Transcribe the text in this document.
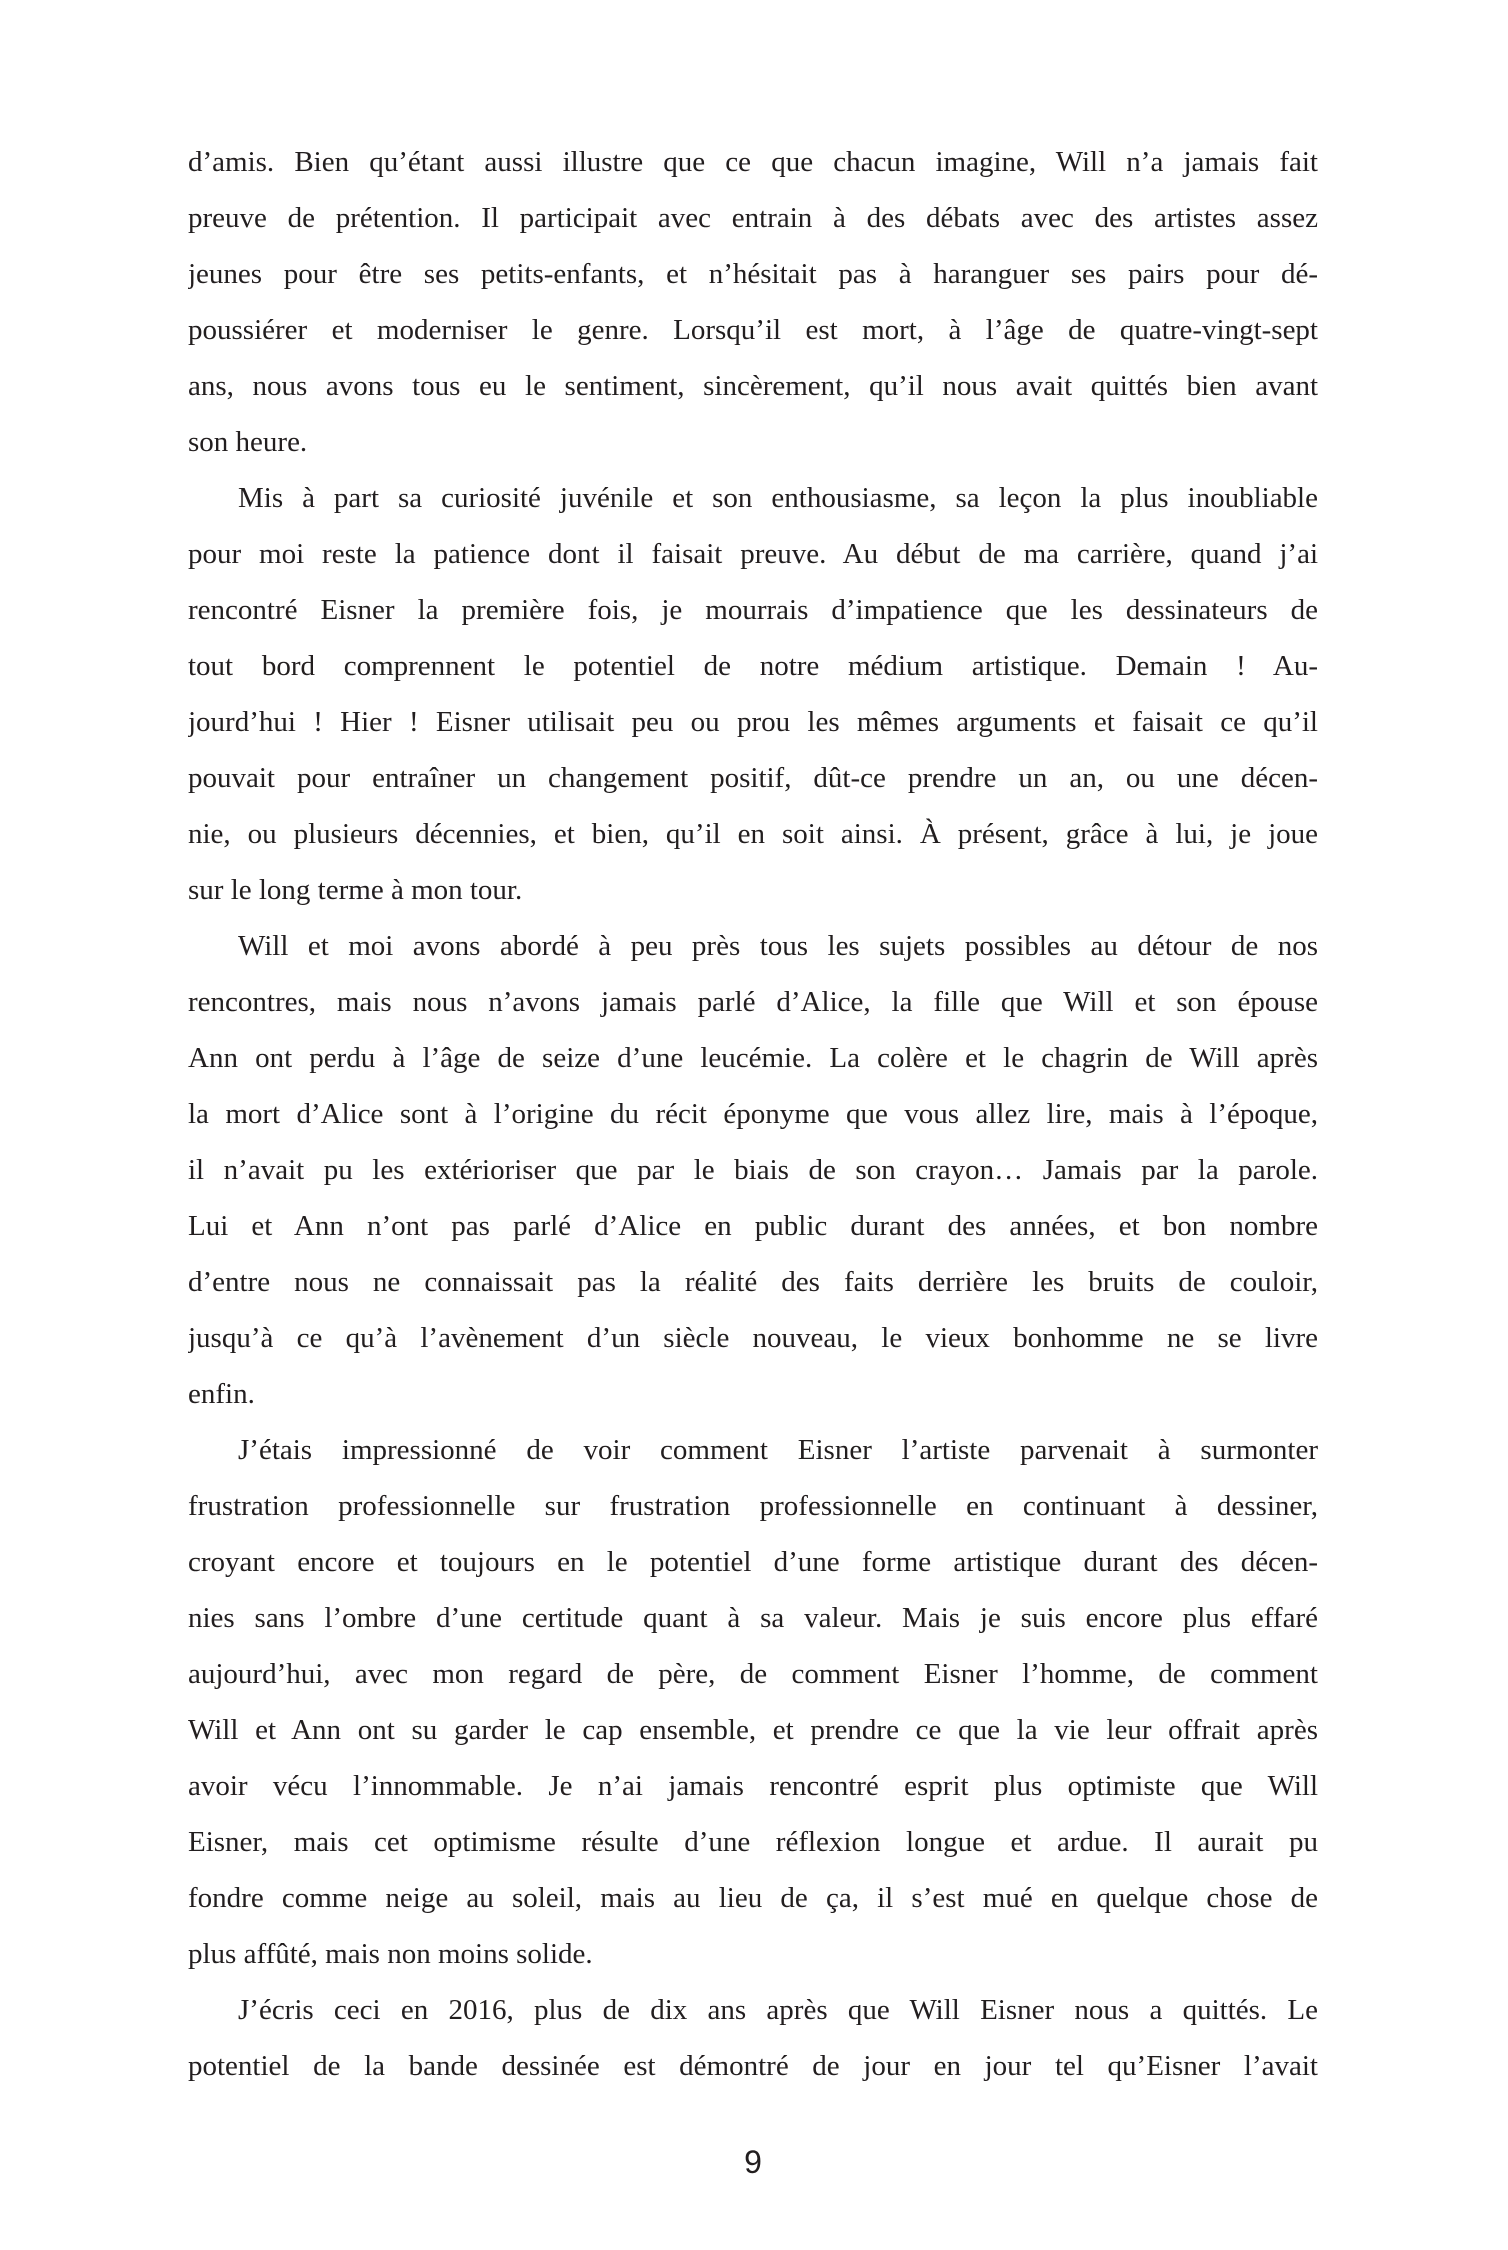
d’amis. Bien qu’étant aussi illustre que ce que chacun imagine, Will n’a jamais fait
preuve de prétention. Il participait avec entrain à des débats avec des artistes assez
jeunes pour être ses petits-enfants, et n’hésitait pas à haranguer ses pairs pour dé-
poussiérer et moderniser le genre. Lorsqu’il est mort, à l’âge de quatre-vingt-sept
ans, nous avons tous eu le sentiment, sincèrement, qu’il nous avait quittés bien avant
son heure.
Mis à part sa curiosité juvénile et son enthousiasme, sa leçon la plus inoubliable
pour moi reste la patience dont il faisait preuve. Au début de ma carrière, quand j’ai
rencontré Eisner la première fois, je mourrais d’impatience que les dessinateurs de
tout bord comprennent le potentiel de notre médium artistique. Demain ! Au-
jourd’hui ! Hier ! Eisner utilisait peu ou prou les mêmes arguments et faisait ce qu’il
pouvait pour entraîner un changement positif, dût-ce prendre un an, ou une décen-
nie, ou plusieurs décennies, et bien, qu’il en soit ainsi. À présent, grâce à lui, je joue
sur le long terme à mon tour.
Will et moi avons abordé à peu près tous les sujets possibles au détour de nos
rencontres, mais nous n’avons jamais parlé d’Alice, la fille que Will et son épouse
Ann ont perdu à l’âge de seize d’une leucémie. La colère et le chagrin de Will après
la mort d’Alice sont à l’origine du récit éponyme que vous allez lire, mais à l’époque,
il n’avait pu les extérioriser que par le biais de son crayon… Jamais par la parole.
Lui et Ann n’ont pas parlé d’Alice en public durant des années, et bon nombre
d’entre nous ne connaissait pas la réalité des faits derrière les bruits de couloir,
jusqu’à ce qu’à l’avènement d’un siècle nouveau, le vieux bonhomme ne se livre
enfin.
J’étais impressionné de voir comment Eisner l’artiste parvenait à surmonter
frustration professionnelle sur frustration professionnelle en continuant à dessiner,
croyant encore et toujours en le potentiel d’une forme artistique durant des décen-
nies sans l’ombre d’une certitude quant à sa valeur. Mais je suis encore plus effaré
aujourd’hui, avec mon regard de père, de comment Eisner l’homme, de comment
Will et Ann ont su garder le cap ensemble, et prendre ce que la vie leur offrait après
avoir vécu l’innommable. Je n’ai jamais rencontré esprit plus optimiste que Will
Eisner, mais cet optimisme résulte d’une réflexion longue et ardue. Il aurait pu
fondre comme neige au soleil, mais au lieu de ça, il s’est mué en quelque chose de
plus affûté, mais non moins solide.
J’écris ceci en 2016, plus de dix ans après que Will Eisner nous a quittés. Le
potentiel de la bande dessinée est démontré de jour en jour tel qu’Eisner l’avait
9
